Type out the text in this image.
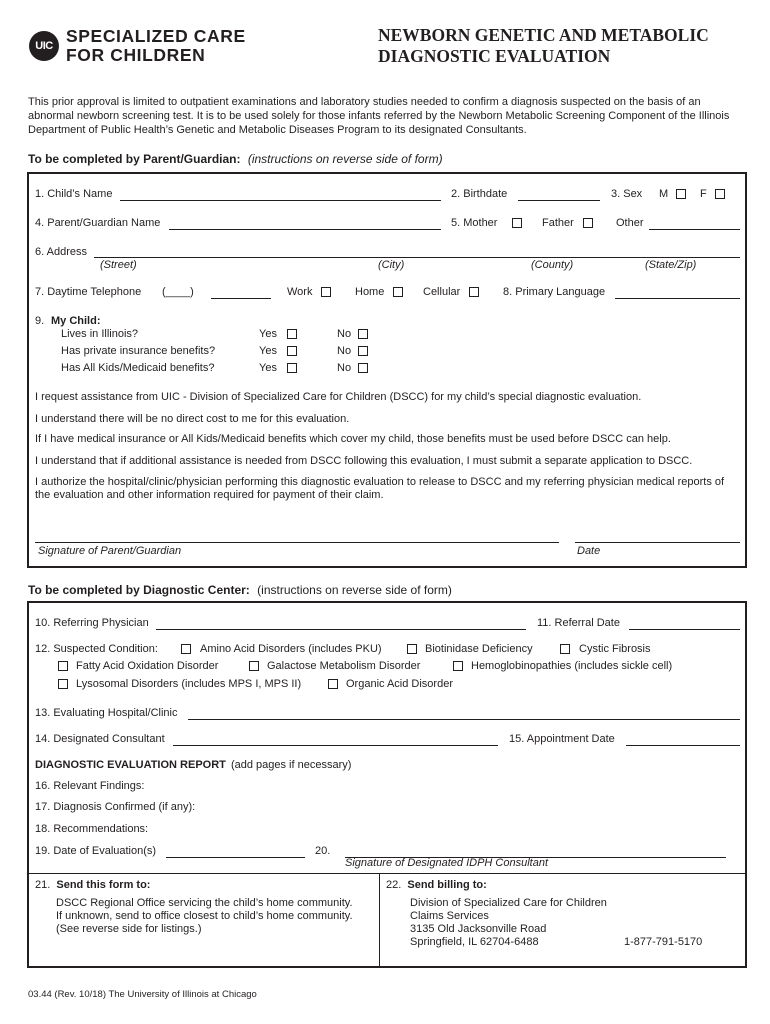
UIC SPECIALIZED CARE
FOR CHILDREN
NEWBORN GENETIC AND METABOLIC
DIAGNOSTIC EVALUATION
This prior approval is limited to outpatient examinations and laboratory studies needed to confirm a diagnosis suspected on the basis of an abnormal newborn screening test. It is to be used solely for those infants referred by the Newborn Metabolic Screening Component of the Illinois Department of Public Health’s Genetic and Metabolic Diseases Program to its designated Consultants.
To be completed by Parent/Guardian: (instructions on reverse side of form)
1. Child’s Name	2. Birthdate	3. Sex M	F
4. Parent/Guardian Name	5. Mother	Father	Other
6. Address
(Street)	(City)	(County)	(State/Zip)
7. Daytime Telephone (____)	Work	Home	Cellular	8. Primary Language
9. My Child:
Lives in Illinois?	Yes	No
Has private insurance benefits?	Yes	No
Has All Kids/Medicaid benefits?	Yes	No
I request assistance from UIC - Division of Specialized Care for Children (DSCC) for my child’s special diagnostic evaluation.
I understand there will be no direct cost to me for this evaluation.
If I have medical insurance or All Kids/Medicaid benefits which cover my child, those benefits must be used before DSCC can help.
I understand that if additional assistance is needed from DSCC following this evaluation, I must submit a separate application to DSCC.
I authorize the hospital/clinic/physician performing this diagnostic evaluation to release to DSCC and my referring physician medical reports of the evaluation and other information required for payment of their claim.
Signature of Parent/Guardian	Date
To be completed by Diagnostic Center: (instructions on reverse side of form)
10. Referring Physician	11. Referral Date
12. Suspected Condition:	Amino Acid Disorders (includes PKU)	Biotinidase Deficiency	Cystic Fibrosis
Fatty Acid Oxidation Disorder	Galactose Metabolism Disorder	Hemoglobinopathies (includes sickle cell)
Lysosomal Disorders (includes MPS I, MPS II)	Organic Acid Disorder
13. Evaluating Hospital/Clinic
14. Designated Consultant	15. Appointment Date
DIAGNOSTIC EVALUATION REPORT (add pages if necessary)
16. Relevant Findings:
17. Diagnosis Confirmed (if any):
18. Recommendations:
19. Date of Evaluation(s)	20.
Signature of Designated IDPH Consultant
21. Send this form to:
DSCC Regional Office servicing the child’s home community.
If unknown, send to office closest to child’s home community.
(See reverse side for listings.)
22. Send billing to:
Division of Specialized Care for Children
Claims Services
3135 Old Jacksonville Road
Springfield, IL 62704-6488	1-877-791-5170
03.44 (Rev. 10/18) The University of Illinois at Chicago
